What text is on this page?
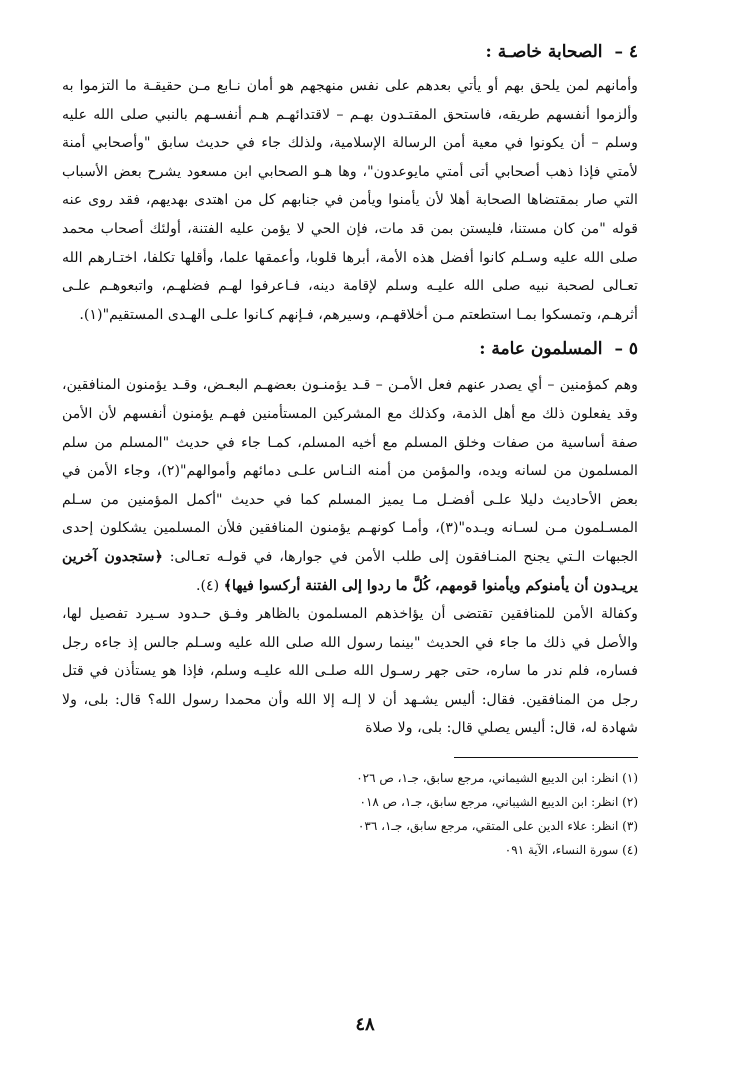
٤ – الصحابة خاصـة :

وأمانهم لمن يلحق بهم أو يأتي بعدهم على نفس منهجهم هو أمان نـابع مـن حقيقـة ما التزموا به وألزموا أنفسهم طريقه، فاستحق المقتـدون بهـم – لاقتدائهـم هـم أنفسـهم بالنبي صلى الله عليه وسلم – أن يكونوا في معية أمن الرسالة الإسلامية، ولذلك جاء في حديث سابق "وأصحابي أمنة لأمتي فإذا ذهب أصحابي أتى أمتي مايوعدون"، وها هـو الصحابي ابن مسعود يشرح بعض الأسباب التي صار بمقتضاها الصحابة أهلا لأن يأمنوا ويأمن في جنابهم كل من اهتدى بهديهم، فقد روى عنه قوله "من كان مستنا، فليستن بمن قد مات، فإن الحي لا يؤمن عليه الفتنة، أولئك أصحاب محمد صلى الله عليه وسـلم كانوا أفضل هذه الأمة، أبرها قلوبا، وأعمقها علما، وأقلها تكلفا، اختـارهم الله تعـالى لصحبة نبيه صلى الله عليـه وسلم لإقامة دينه، فـاعرفوا لهـم فضلهـم، واتبعوهـم علـى أثرهـم، وتمسكوا بمـا استطعتم مـن أخلاقهـم، وسيرهم، فـإنهم كـانوا علـى الهـدى المستقيم"(١).

٥ – المسلمون عامة :

وهم كمؤمنين – أي يصدر عنهم فعل الأمـن – قـد يؤمنـون بعضهـم البعـض، وقـد يؤمنون المنافقين، وقد يفعلون ذلك مع أهل الذمة، وكذلك مع المشركين المستأمنين فهـم يؤمنون أنفسهم لأن الأمن صفة أساسية من صفات وخلق المسلم مع أخيه المسلم، كمـا جاء في حديث "المسلم من سلم المسلمون من لسانه ويده، والمؤمن من أمنه النـاس علـى دمائهم وأموالهم"(٢)، وجاء الأمن في بعض الأحاديث دليلا علـى أفضـل مـا يميز المسلم كما في حديث "أكمل المؤمنين من سـلم المسـلمون مـن لسـانه ويـده"(٣)، وأمـا كونهـم يؤمنون المنافقين فلأن المسلمين يشكلون إحدى الجبهات الـتي يجنح المنـافقون إلى طلب الأمن في جوارها، في قولـه تعـالى: ﴿ستجدون آخرين يريـدون أن يأمنوكم ويأمنوا قومهم، كُلَّ ما ردوا إلى الفتنة أركسوا فيها﴾ (٤).

وكفالة الأمن للمنافقين تقتضى أن يؤاخذهم المسلمون بالظاهر وفـق حـدود سـيرد تفصيل لها، والأصل في ذلك ما جاء في الحديث "بينما رسول الله صلى الله عليه وسـلم جالس إذ جاءه رجل فساره، فلم ندر ما ساره، حتى جهر رسـول الله صلـى الله عليـه وسلم، فإذا هو يستأذن في قتل رجل من المنافقين. فقال: أليس يشـهد أن لا إلـه إلا الله وأن محمدا رسول الله؟ قال: بلى، ولا شهادة له، قال: أليس يصلي قال: بلى، ولا صلاة

(١) انظر: ابن الديبع الشيماني، مرجع سابق، جـ١، ص ٠٢٦
(٢) انظر: ابن الديبع الشيباني، مرجع سابق، جـ١، ص ٠١٨
(٣) انظر: علاء الدين على المتقي، مرجع سابق، جـ١، ٠٣٦
(٤) سورة النساء، الآية ٠٩١
٤٨
